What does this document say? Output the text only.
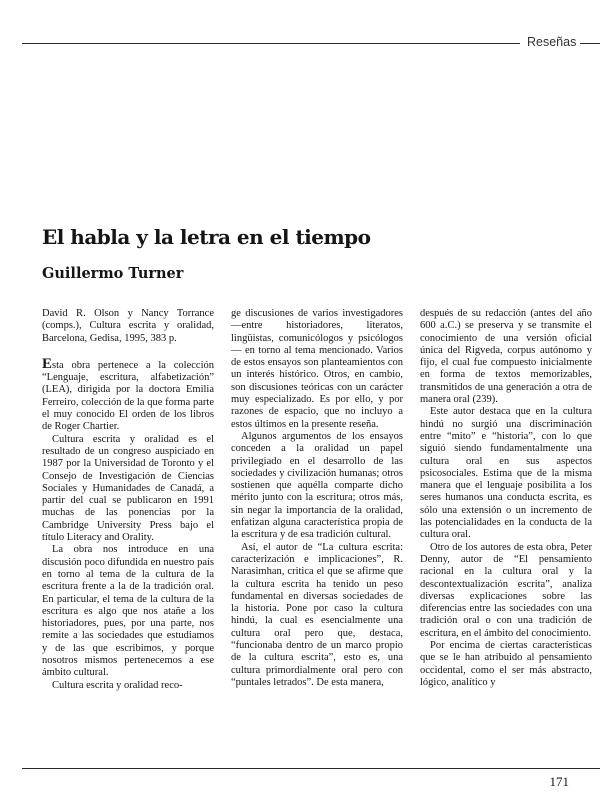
Reseñas
El habla y la letra en el tiempo
Guillermo Turner

David R. Olson y Nancy Torrance (comps.), Cultura escrita y oralidad, Barcelona, Gedisa, 1995, 383 p.

Esta obra pertenece a la colección “Lenguaje, escritura, alfabetización” (LEA), dirigida por la doctora Emilia Ferreiro, colección de la que forma parte el muy conocido El orden de los libros de Roger Chartier.

Cultura escrita y oralidad es el resultado de un congreso auspiciado en 1987 por la Universidad de Toronto y el Consejo de Investigación de Ciencias Sociales y Humanidades de Canadá, a partir del cual se publicaron en 1991 muchas de las ponencias por la Cambridge University Press bajo el título Literacy and Orality.

La obra nos introduce en una discusión poco difundida en nuestro país en torno al tema de la cultura de la escritura frente a la de la tradición oral. En particular, el tema de la cultura de la escritura es algo que nos atañe a los historiadores, pues, por una parte, nos remite a las sociedades que estudiamos y de las que escribimos, y porque nosotros mismos pertenecemos a ese ámbito cultural.

Cultura escrita y oralidad reco-

ge discusiones de varios investigadores —entre historiadores, literatos, lingüistas, comunicólogos y psicólogos— en torno al tema mencionado. Varios de estos ensayos son planteamientos con un interés histórico. Otros, en cambio, son discusiones teóricas con un carácter muy especializado. Es por ello, y por razones de espacio, que no incluyo a estos últimos en la presente reseña.

Algunos argumentos de los ensayos conceden a la oralidad un papel privilegiado en el desarrollo de las sociedades y civilización humanas; otros sostienen que aquélla comparte dicho mérito junto con la escritura; otros más, sin negar la importancia de la oralidad, enfatizan alguna característica propia de la escritura y de esa tradición cultural.

Así, el autor de “La cultura escrita: caracterización e implicaciones”, R. Narasimhan, critica el que se afirme que la cultura escrita ha tenido un peso fundamental en diversas sociedades de la historia. Pone por caso la cultura hindú, la cual es esencialmente una cultura oral pero que, destaca, “funcionaba dentro de un marco propio de la cultura escrita”, esto es, una cultura primordialmente oral pero con “puntales letrados”. De esta manera,

después de su redacción (antes del año 600 a.C.) se preserva y se transmite el conocimiento de una versión oficial única del Rigveda, corpus autónomo y fijo, el cual fue compuesto inicialmente en forma de textos memorizables, transmitidos de una generación a otra de manera oral (239).

Este autor destaca que en la cultura hindú no surgió una discriminación entre “mito” e “historia”, con lo que siguió siendo fundamentalmente una cultura oral en sus aspectos psicosociales. Estima que de la misma manera que el lenguaje posibilita a los seres humanos una conducta escrita, es sólo una extensión o un incremento de las potencialidades en la conducta de la cultura oral.

Otro de los autores de esta obra, Peter Denny, autor de “El pensamiento racional en la cultura oral y la descontextualización escrita”, analiza diversas explicaciones sobre las diferencias entre las sociedades con una tradición oral o con una tradición de escritura, en el ámbito del conocimiento.

Por encima de ciertas características que se le han atribuido al pensamiento occidental, como el ser más abstracto, lógico, analítico y

171
